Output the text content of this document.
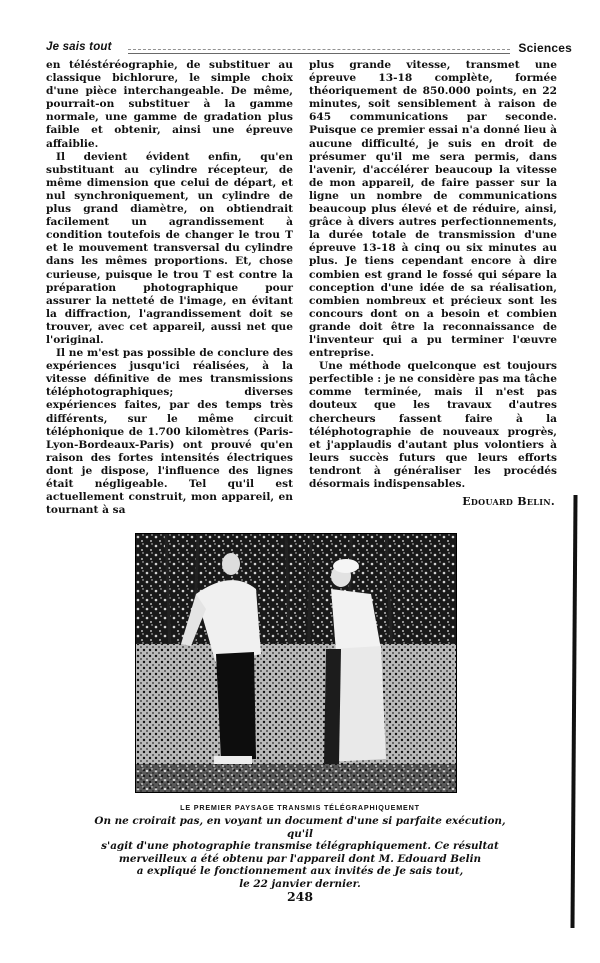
Je sais tout	Sciences

en téléstéréographie, de substituer au classique bichlorure, le simple choix d'une pièce interchangeable. De même, pourrait-on substituer à la gamme normale, une gamme de gradation plus faible et obtenir, ainsi une épreuve affaiblie.

Il devient évident enfin, qu'en substituant au cylindre récepteur, de même dimension que celui de départ, et nul synchroniquement, un cylindre de plus grand diamètre, on obtiendrait facilement un agrandissement à condition toutefois de changer le trou T et le mouvement transversal du cylindre dans les mêmes proportions. Et, chose curieuse, puisque le trou T est contre la préparation photographique pour assurer la netteté de l'image, en évitant la diffraction, l'agrandissement doit se trouver, avec cet appareil, aussi net que l'original.

Il ne m'est pas possible de conclure des expériences jusqu'ici réalisées, à la vitesse définitive de mes transmissions téléphotographiques; diverses expériences faites, par des temps très différents, sur le même circuit téléphonique de 1.700 kilomètres (Paris-Lyon-Bordeaux-Paris) ont prouvé qu'en raison des fortes intensités électriques dont je dispose, l'influence des lignes était négligeable. Tel qu'il est actuellement construit, mon appareil, en tournant à sa

plus grande vitesse, transmet une épreuve 13-18 complète, formée théoriquement de 850.000 points, en 22 minutes, soit sensiblement à raison de 645 communications par seconde. Puisque ce premier essai n'a donné lieu à aucune difficulté, je suis en droit de présumer qu'il me sera permis, dans l'avenir, d'accélérer beaucoup la vitesse de mon appareil, de faire passer sur la ligne un nombre de communications beaucoup plus élevé et de réduire, ainsi, grâce à divers autres perfectionnements, la durée totale de transmission d'une épreuve 13-18 à cinq ou six minutes au plus. Je tiens cependant encore à dire combien est grand le fossé qui sépare la conception d'une idée de sa réalisation, combien nombreux et précieux sont les concours dont on a besoin et combien grande doit être la reconnaissance de l'inventeur qui a pu terminer l'œuvre entreprise.

Une méthode quelconque est toujours perfectible : je ne considère pas ma tâche comme terminée, mais il n'est pas douteux que les travaux d'autres chercheurs fassent faire à la téléphotographie de nouveaux progrès, et j'applaudis d'autant plus volontiers à leurs succès futurs que leurs efforts tendront à généraliser les procédés désormais indispensables.

Edouard Belin.

LE PREMIER PAYSAGE TRANSMIS TÉLÉGRAPHIQUEMENT
On ne croirait pas, en voyant un document d'une si parfaite exécution, qu'il
s'agit d'une photographie transmise télégraphiquement. Ce résultat
merveilleux a été obtenu par l'appareil dont M. Edouard Belin
a expliqué le fonctionnement aux invités de Je sais tout,
le 22 janvier dernier.
248
